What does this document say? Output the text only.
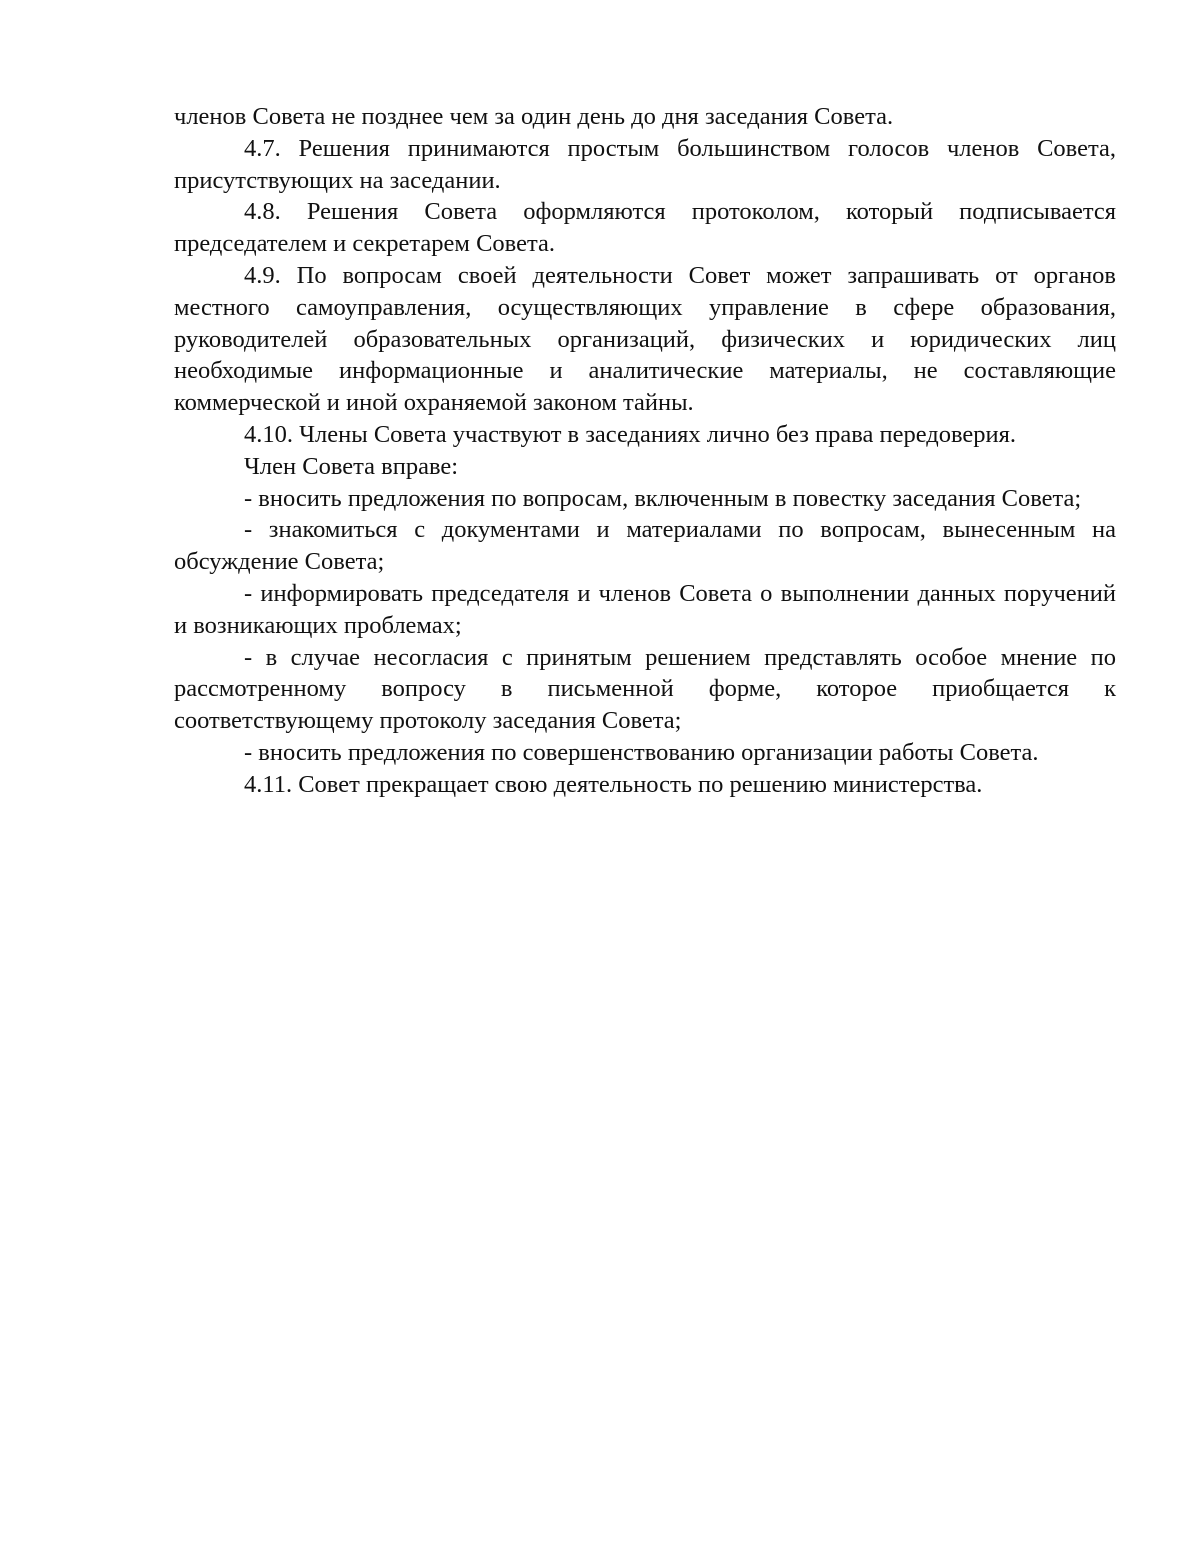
членов Совета не позднее чем за один день до дня заседания Совета.

4.7. Решения принимаются простым большинством голосов членов Совета, присутствующих на заседании.

4.8. Решения Совета оформляются протоколом, который подписывается председателем и секретарем Совета.

4.9. По вопросам своей деятельности Совет может запрашивать от органов местного самоуправления, осуществляющих управление в сфере образования, руководителей образовательных организаций, физических и юридических лиц необходимые информационные и аналитические материалы, не составляющие коммерческой и иной охраняемой законом тайны.

4.10. Члены Совета участвуют в заседаниях лично без права передоверия.

Член Совета вправе:

- вносить предложения по вопросам, включенным в повестку заседания Совета;

- знакомиться с документами и материалами по вопросам, вынесенным на обсуждение Совета;

- информировать председателя и членов Совета о выполнении данных поручений и возникающих проблемах;

- в случае несогласия с принятым решением представлять особое мнение по рассмотренному вопросу в письменной форме, которое приобщается к соответствующему протоколу заседания Совета;

- вносить предложения по совершенствованию организации работы Совета.

4.11. Совет прекращает свою деятельность по решению министерства.
